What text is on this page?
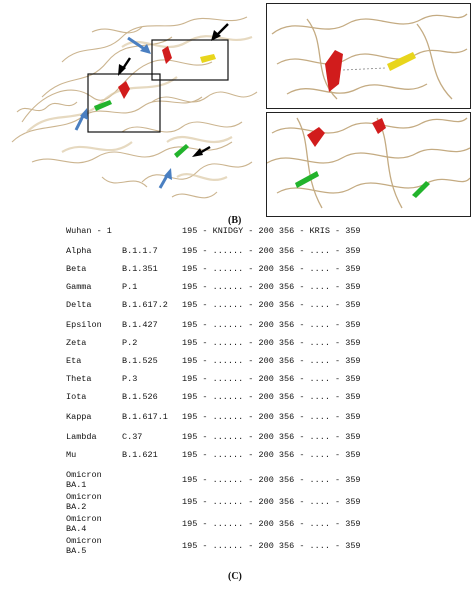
(B)
Wuhan - 1	195 - KNIDGY - 200 356 - KRIS - 359
Alpha	B.1.1.7	195 - ...... - 200 356 - .... - 359
Beta	B.1.351	195 - ...... - 200 356 - .... - 359
Gamma	P.1	195 - ...... - 200 356 - .... - 359
Delta	B.1.617.2 195 - ...... - 200 356 - .... - 359
Epsilon B.1.427	195 - ...... - 200 356 - .... - 359
Zeta	P.2	195 - ...... - 200 356 - .... - 359
Eta	B.1.525	195 - ...... - 200 356 - .... - 359
Theta	P.3	195 - ...... - 200 356 - .... - 359
Iota	B.1.526	195 - ...... - 200 356 - .... - 359
Kappa	B.1.617.1 195 - ...... - 200 356 - .... - 359
Lambda	C.37	195 - ...... - 200 356 - .... - 359
Mu	B.1.621	195 - ...... - 200 356 - .... - 359
Omicron
BA.1	195 - ...... - 200 356 - .... - 359
Omicron
BA.2	195 - ...... - 200 356 - .... - 359
Omicron
BA.4	195 - ...... - 200 356 - .... - 359
Omicron
BA.5	195 - ...... - 200 356 - .... - 359
(C)
